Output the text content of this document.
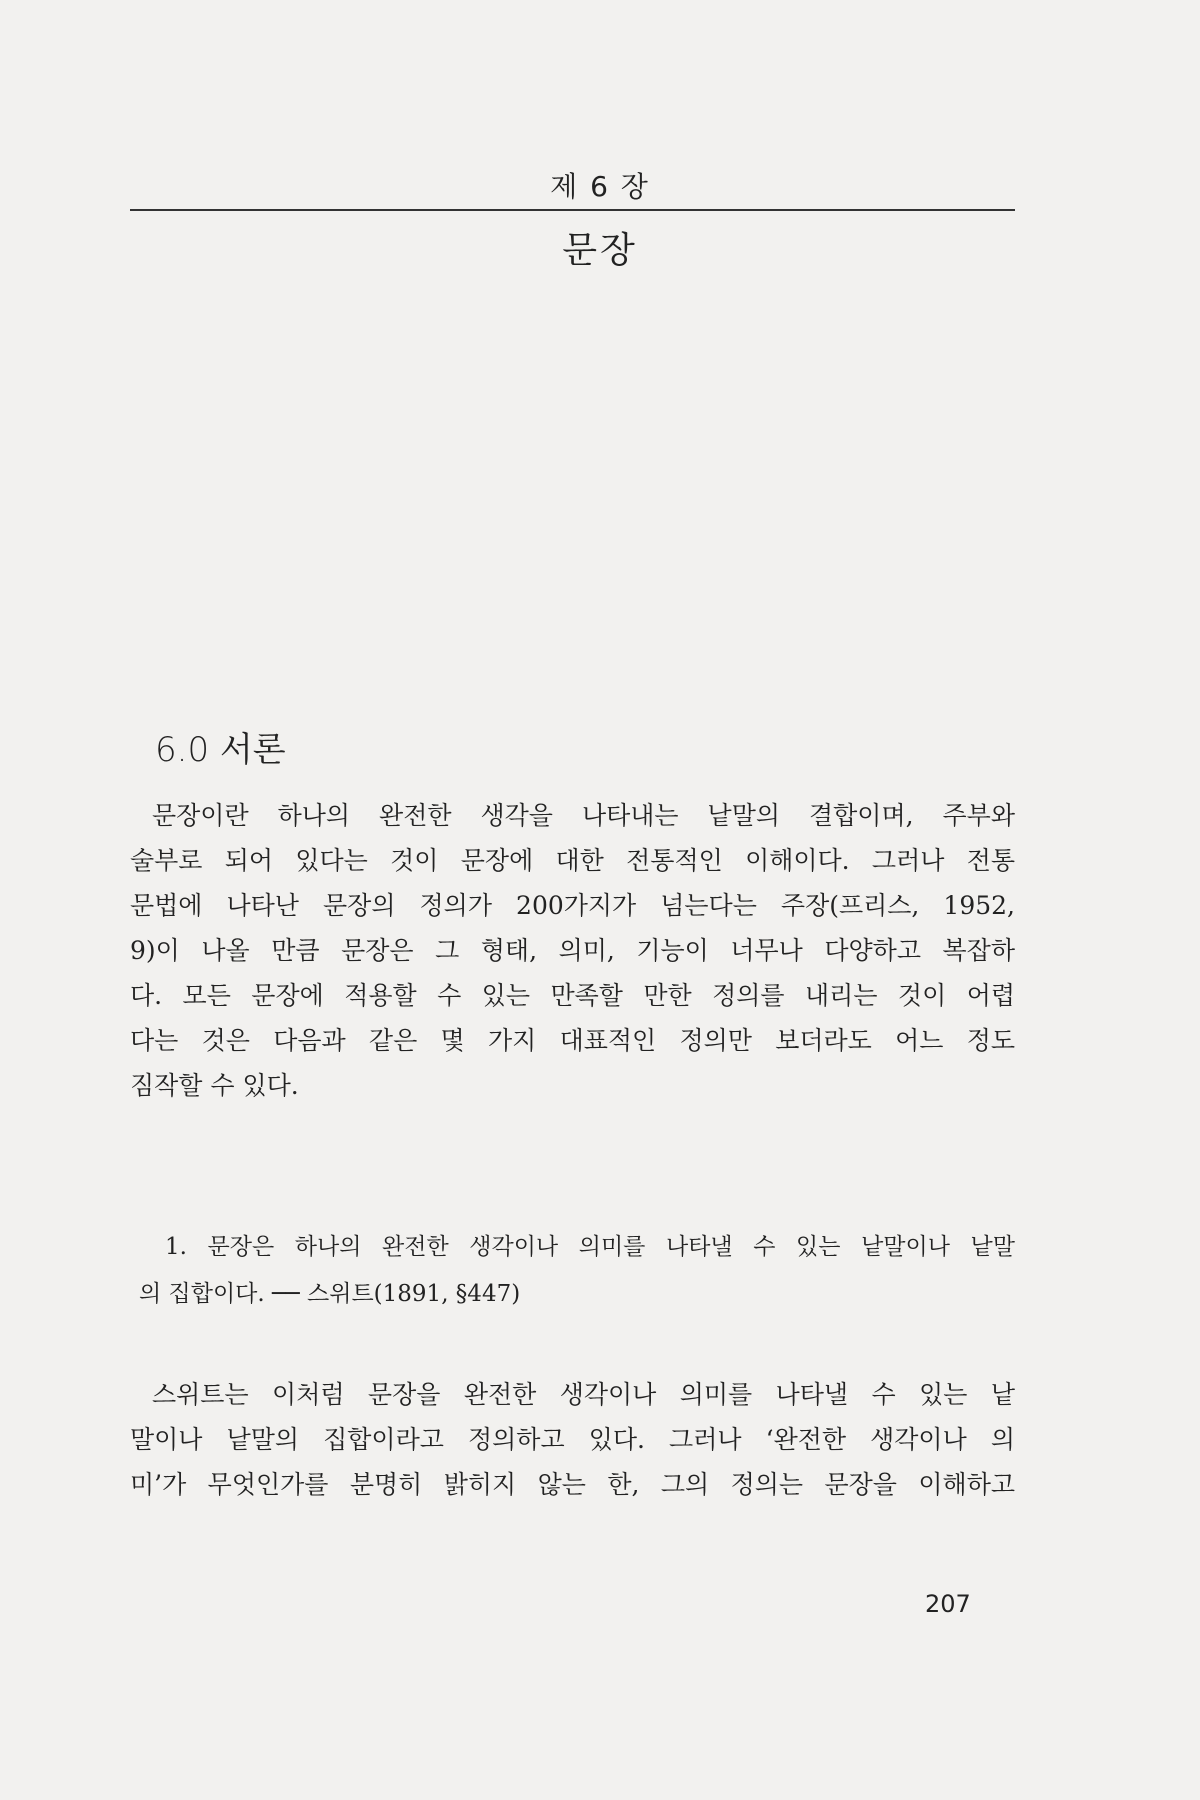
제 6 장
문장
6.0 서론
문장이란 하나의 완전한 생각을 나타내는 낱말의 결합이며, 주부와
술부로 되어 있다는 것이 문장에 대한 전통적인 이해이다. 그러나 전통
문법에 나타난 문장의 정의가 200가지가 넘는다는 주장(프리스, 1952,
9)이 나올 만큼 문장은 그 형태, 의미, 기능이 너무나 다양하고 복잡하
다. 모든 문장에 적용할 수 있는 만족할 만한 정의를 내리는 것이 어렵
다는 것은 다음과 같은 몇 가지 대표적인 정의만 보더라도 어느 정도
짐작할 수 있다.
1. 문장은 하나의 완전한 생각이나 의미를 나타낼 수 있는 낱말이나 낱말
의 집합이다. ── 스위트(1891, §447)
스위트는 이처럼 문장을 완전한 생각이나 의미를 나타낼 수 있는 낱
말이나 낱말의 집합이라고 정의하고 있다. 그러나 ‘완전한 생각이나 의
미’가 무엇인가를 분명히 밝히지 않는 한, 그의 정의는 문장을 이해하고
207
